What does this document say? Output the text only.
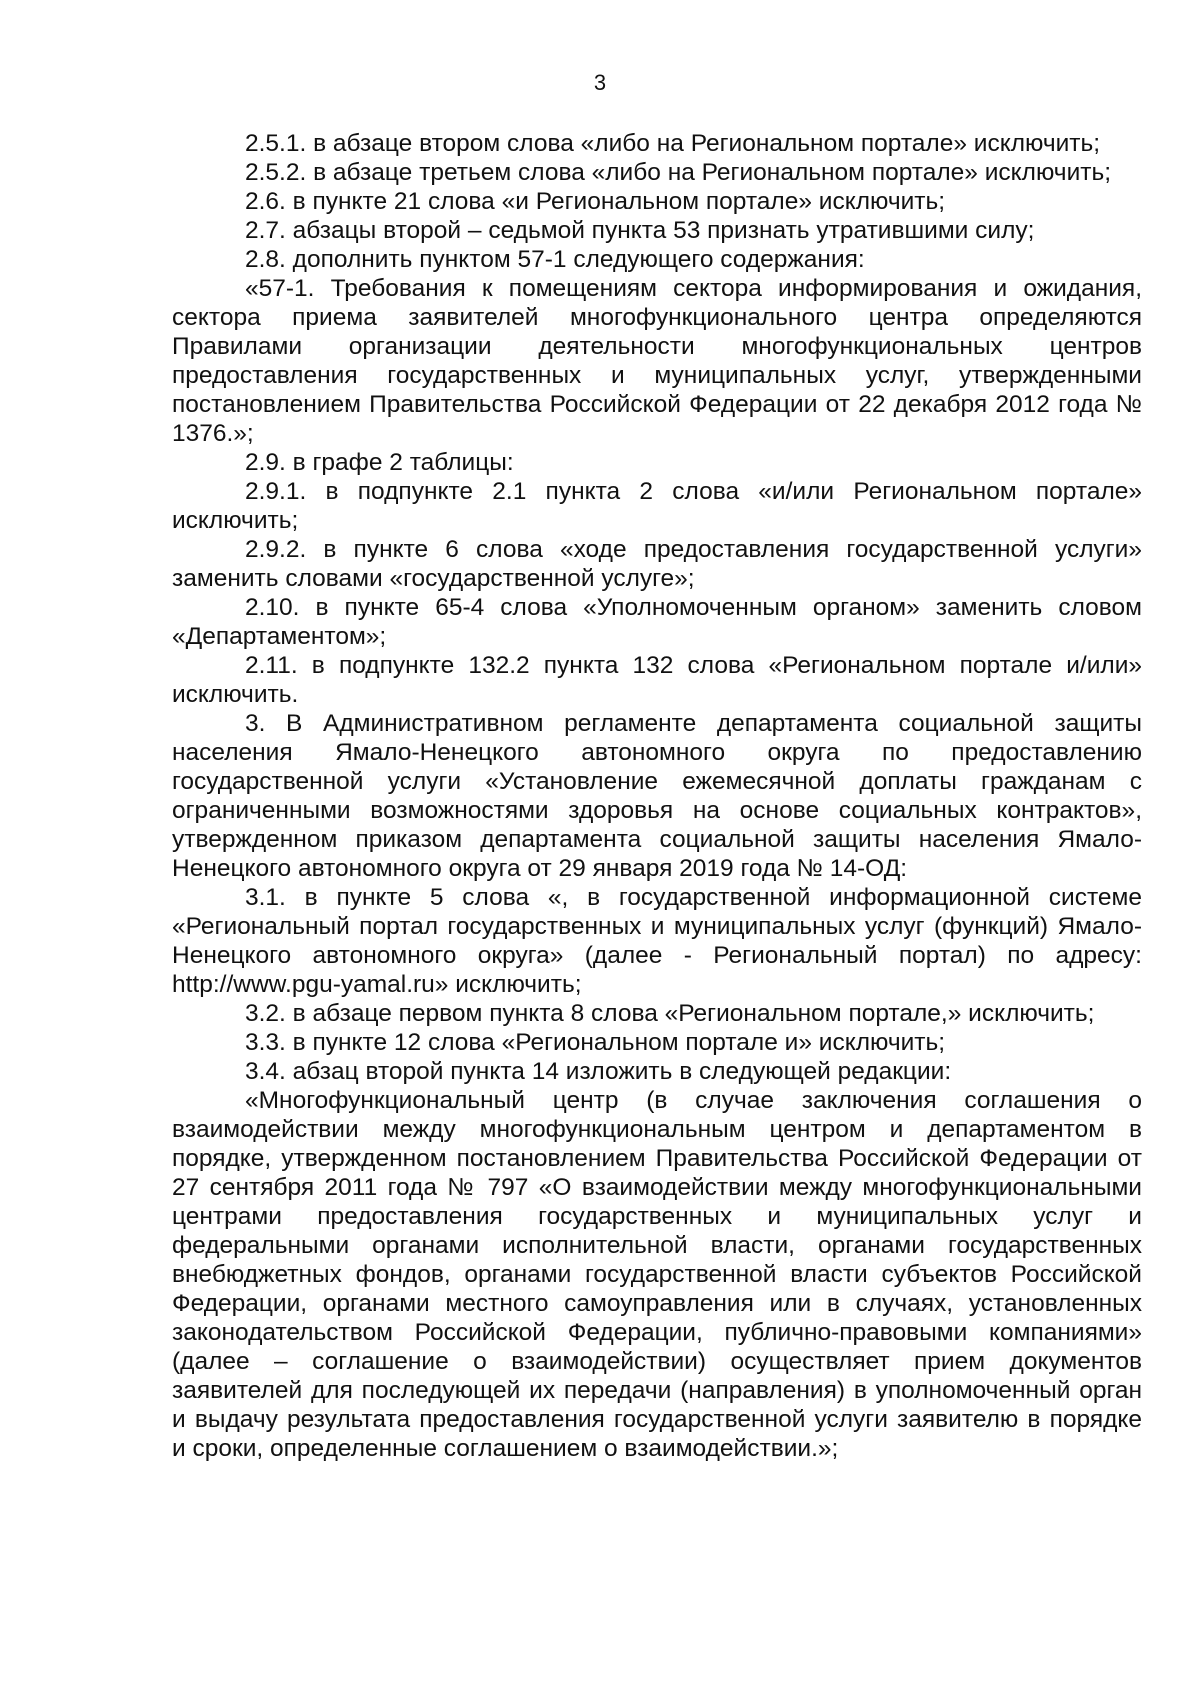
3

2.5.1. в абзаце втором слова «либо на Региональном портале» исключить;

2.5.2. в абзаце третьем слова «либо на Региональном портале» исключить;

2.6. в пункте 21 слова «и Региональном портале» исключить;

2.7. абзацы второй – седьмой пункта 53 признать утратившими силу;

2.8. дополнить пунктом 57-1 следующего содержания:

«57-1. Требования к помещениям сектора информирования и ожидания, сектора приема заявителей многофункционального центра определяются Правилами организации деятельности многофункциональных центров предоставления государственных и муниципальных услуг, утвержденными постановлением Правительства Российской Федерации от 22 декабря 2012 года № 1376.»;

2.9. в графе 2 таблицы:

2.9.1. в подпункте 2.1 пункта 2 слова «и/или Региональном портале» исключить;

2.9.2. в пункте 6 слова «ходе предоставления государственной услуги» заменить словами «государственной услуге»;

2.10. в пункте 65-4 слова «Уполномоченным органом» заменить словом «Департаментом»;

2.11. в подпункте 132.2 пункта 132 слова «Региональном портале и/или» исключить.

3. В Административном регламенте департамента социальной защиты населения Ямало-Ненецкого автономного округа по предоставлению государственной услуги «Установление ежемесячной доплаты гражданам с ограниченными возможностями здоровья на основе социальных контрактов», утвержденном приказом департамента социальной защиты населения Ямало-Ненецкого автономного округа от 29 января 2019 года № 14-ОД:

3.1. в пункте 5 слова «, в государственной информационной системе «Региональный портал государственных и муниципальных услуг (функций) Ямало-Ненецкого автономного округа» (далее - Региональный портал) по адресу: http://www.pgu-yamal.ru» исключить;

3.2. в абзаце первом пункта 8 слова «Региональном портале,» исключить;

3.3. в пункте 12 слова «Региональном портале и» исключить;

3.4. абзац второй пункта 14 изложить в следующей редакции:

«Многофункциональный центр (в случае заключения соглашения о взаимодействии между многофункциональным центром и департаментом в порядке, утвержденном постановлением Правительства Российской Федерации от 27 сентября 2011 года № 797 «О взаимодействии между многофункциональными центрами предоставления государственных и муниципальных услуг и федеральными органами исполнительной власти, органами государственных внебюджетных фондов, органами государственной власти субъектов Российской Федерации, органами местного самоуправления или в случаях, установленных законодательством Российской Федерации, публично-правовыми компаниями» (далее – соглашение о взаимодействии) осуществляет прием документов заявителей для последующей их передачи (направления) в уполномоченный орган и выдачу результата предоставления государственной услуги заявителю в порядке и сроки, определенные соглашением о взаимодействии.»;
